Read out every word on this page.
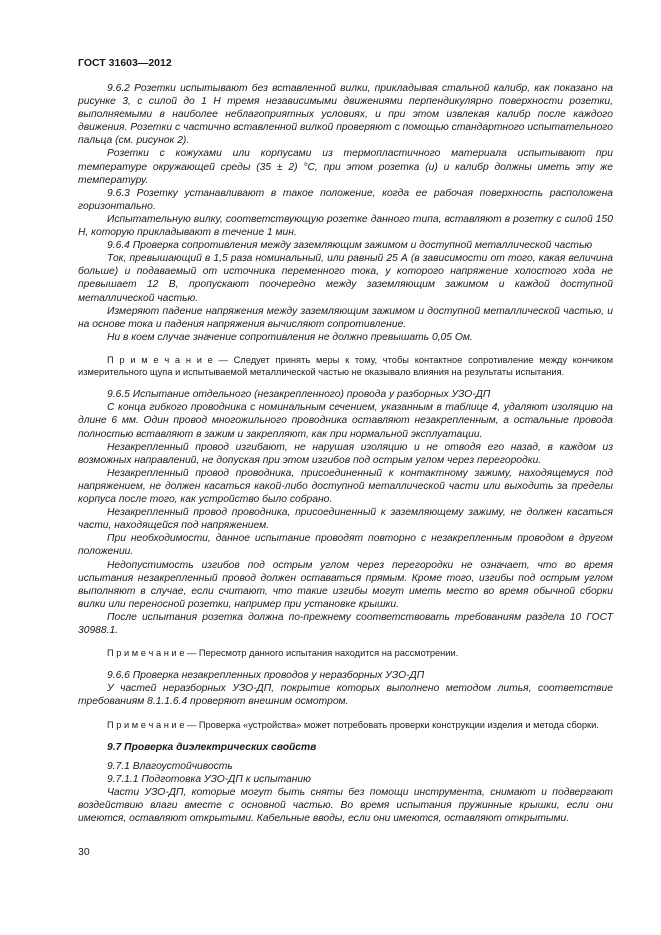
ГОСТ 31603—2012

9.6.2 Розетки испытывают без вставленной вилки, прикладывая стальной калибр, как показано на рисунке 3, с силой до 1 Н тремя независимыми движениями перпендикулярно поверхности розетки, выполняемыми в наиболее неблагоприятных условиях, и при этом извлекая калибр после каждого движения. Розетки с частично вставленной вилкой проверяют с помощью стандартного испытательного пальца (см. рисунок 2).

Розетки с кожухами или корпусами из термопластичного материала испытывают при температуре окружающей среды (35 ± 2) °С, при этом розетка (и) и калибр должны иметь эту же температуру.

9.6.3 Розетку устанавливают в такое положение, когда ее рабочая поверхность расположена горизонтально.

Испытательную вилку, соответствующую розетке данного типа, вставляют в розетку с силой 150 Н, которую прикладывают в течение 1 мин.

9.6.4 Проверка сопротивления между заземляющим зажимом и доступной металлической частью

Ток, превышающий в 1,5 раза номинальный, или равный 25 А (в зависимости от того, какая величина больше) и подаваемый от источника переменного тока, у которого напряжение холостого хода не превышает 12 В, пропускают поочередно между заземляющим зажимом и каждой доступной металлической частью.

Измеряют падение напряжения между заземляющим зажимом и доступной металлической частью, и на основе тока и падения напряжения вычисляют сопротивление.

Ни в коем случае значение сопротивления не должно превышать 0,05 Ом.

П р и м е ч а н и е — Следует принять меры к тому, чтобы контактное сопротивление между кончиком измерительного щупа и испытываемой металлической частью не оказывало влияния на результаты испытания.

9.6.5 Испытание отдельного (незакрепленного) провода у разборных УЗО-ДП

С конца гибкого проводника с номинальным сечением, указанным в таблице 4, удаляют изоляцию на длине 6 мм. Один провод многожильного проводника оставляют незакрепленным, а остальные провода полностью вставляют в зажим и закрепляют, как при нормальной эксплуатации.

Незакрепленный провод изгибают, не нарушая изоляцию и не отводя его назад, в каждом из возможных направлений, не допуская при этом изгибов под острым углом через перегородки.

Незакрепленный провод проводника, присоединенный к контактному зажиму, находящемуся под напряжением, не должен касаться какой-либо доступной металлической части или выходить за пределы корпуса после того, как устройство было собрано.

Незакрепленный провод проводника, присоединенный к заземляющему зажиму, не должен касаться части, находящейся под напряжением.

При необходимости, данное испытание проводят повторно с незакрепленным проводом в другом положении.

Недопустимость изгибов под острым углом через перегородки не означает, что во время испытания незакрепленный провод должен оставаться прямым. Кроме того, изгибы под острым углом выполняют в случае, если считают, что такие изгибы могут иметь место во время обычной сборки вилки или переносной розетки, например при установке крышки.

После испытания розетка должна по-прежнему соответствовать требованиям раздела 10 ГОСТ 30988.1.

П р и м е ч а н и е — Пересмотр данного испытания находится на рассмотрении.

9.6.6 Проверка незакрепленных проводов у неразборных УЗО-ДП

У частей неразборных УЗО-ДП, покрытие которых выполнено методом литья, соответствие требованиям 8.1.1.6.4 проверяют внешним осмотром.

П р и м е ч а н и е — Проверка «устройства» может потребовать проверки конструкции изделия и метода сборки.

9.7 Проверка диэлектрических свойств

9.7.1 Влагоустойчивость

9.7.1.1 Подготовка УЗО-ДП к испытанию

Части УЗО-ДП, которые могут быть сняты без помощи инструмента, снимают и подвергают воздействию влаги вместе с основной частью. Во время испытания пружинные крышки, если они имеются, оставляют открытыми. Кабельные вводы, если они имеются, оставляют открытыми.

30
